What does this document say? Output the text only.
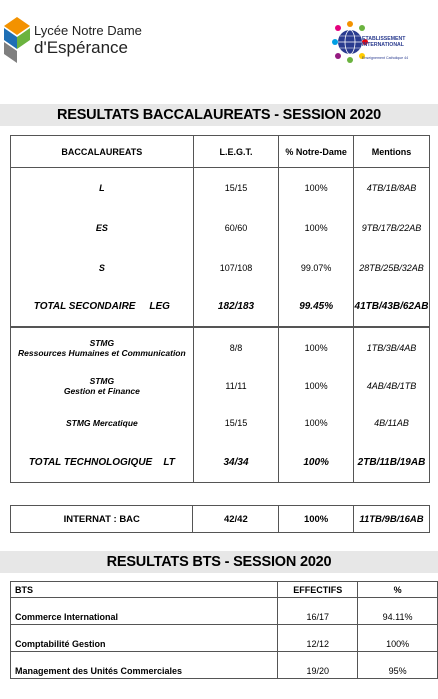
Lycée Notre Dame
d'Espérance	ETABLISSEMENT
INTERNATIONAL
Enseignement Catholique 44
RESULTATS BACCALAUREATS - SESSION 2020
BACCALAUREATS	L.E.G.T.	% Notre-Dame	Mentions
L	15/15	100%	4TB/1B/8AB
ES	60/60	100%	9TB/17B/22AB
S	107/108	99.07%	28TB/25B/32AB
TOTAL SECONDAIRE     LEG	182/183	99.45%	41TB/43B/62AB

STMG
Ressources Humaines et Communication	8/8	100%	1TB/3B/4AB

STMG
Gestion et Finance	11/11	100%	4AB/4B/1TB
STMG Mercatique	15/15	100%	4B/11AB
TOTAL TECHNOLOGIQUE    LT	34/34	100%	2TB/11B/19AB
INTERNAT : BAC	42/42	100%	11TB/9B/16AB
RESULTATS BTS - SESSION 2020
BTS	EFFECTIFS	%
Commerce International	16/17	94.11%
Comptabilité Gestion	12/12	100%
Management des Unités Commerciales	19/20	95%
